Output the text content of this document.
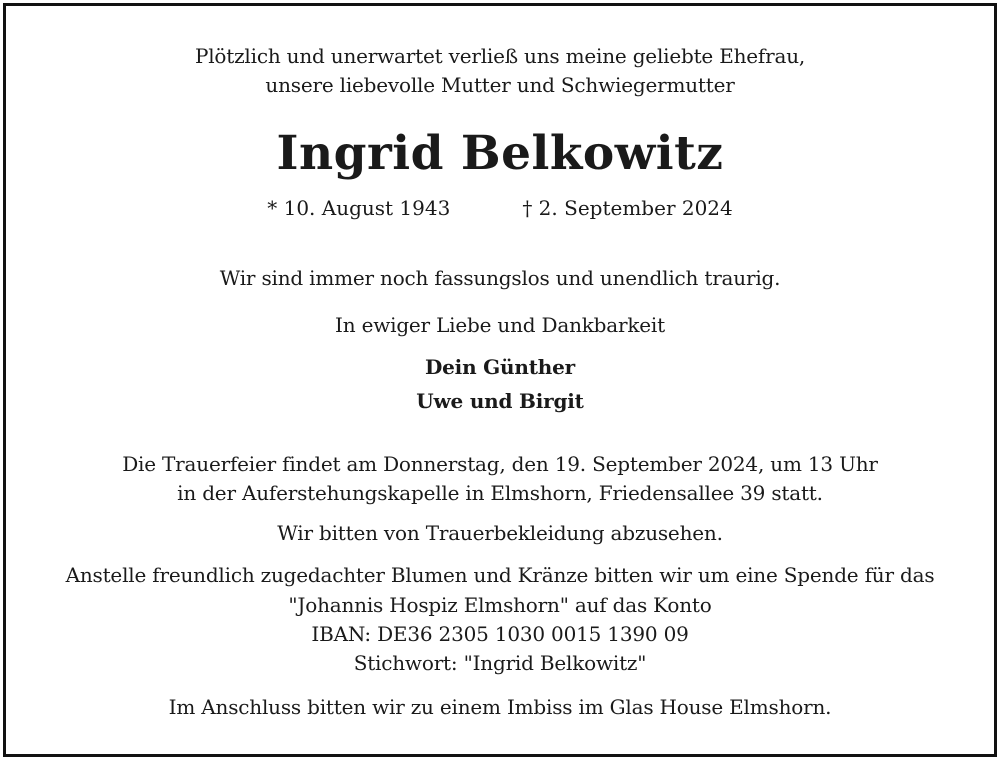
Plötzlich und unerwartet verließ uns meine geliebte Ehefrau,
unsere liebevolle Mutter und Schwiegermutter
Ingrid Belkowitz
* 10. August 1943	† 2. September 2024
Wir sind immer noch fassungslos und unendlich traurig.
In ewiger Liebe und Dankbarkeit
Dein Günther
Uwe und Birgit
Die Trauerfeier findet am Donnerstag, den 19. September 2024, um 13 Uhr
in der Auferstehungskapelle in Elmshorn, Friedensallee 39 statt.
Wir bitten von Trauerbekleidung abzusehen.
Anstelle freundlich zugedachter Blumen und Kränze bitten wir um eine Spende für das
"Johannis Hospiz Elmshorn" auf das Konto
IBAN: DE36 2305 1030 0015 1390 09
Stichwort: "Ingrid Belkowitz"
Im Anschluss bitten wir zu einem Imbiss im Glas House Elmshorn.
